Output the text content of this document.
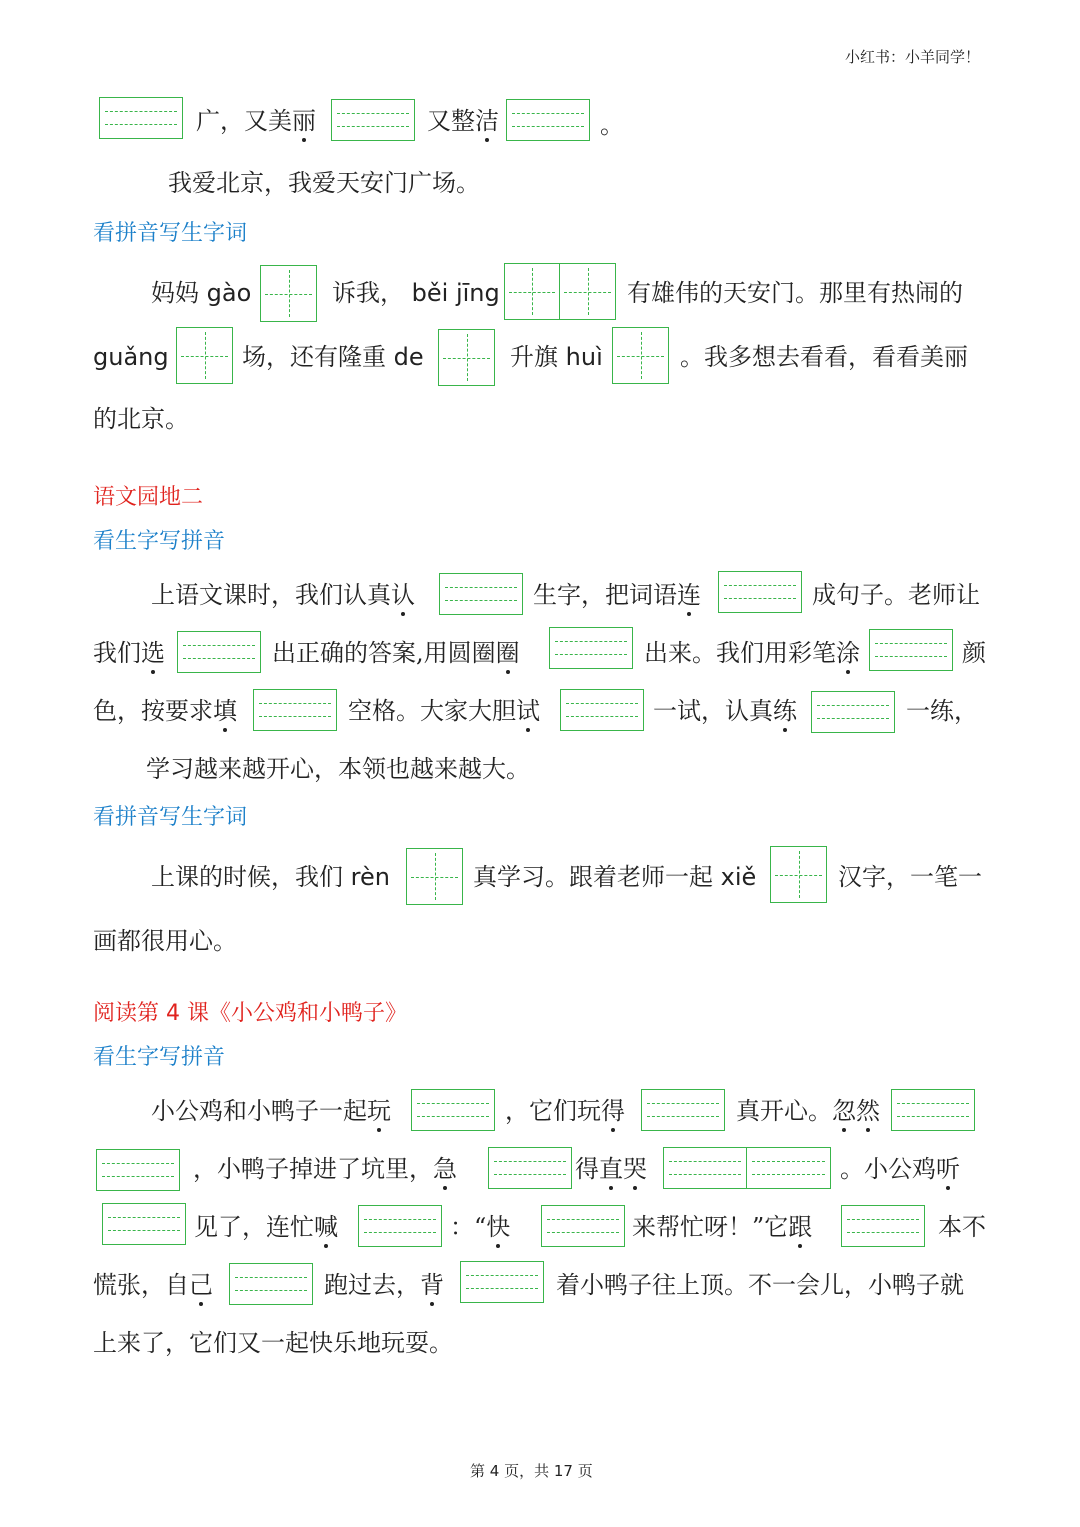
小红书：小羊同学！
广，又美丽	又整洁	。
我爱北京，我爱天安门广场。
看拼音写生字词
妈妈 gào	诉我， běi jīng	有雄伟的天安门。那里有热闹的
guǎng	场，还有隆重 de	升旗 huì	。我多想去看看，看看美丽
的北京。
语文园地二
看生字写拼音
上语文课时，我们认真认	生字，把词语连	成句子。老师让
我们选	出正确的答案,用圆圈圈	出来。我们用彩笔涂	颜
色，按要求填	空格。大家大胆试	一试，认真练	一练，
学习越来越开心，本领也越来越大。
看拼音写生字词
上课的时候，我们 rèn	真学习。跟着老师一起 xiě	汉字，一笔一
画都很用心。
阅读第 4 课《小公鸡和小鸭子》
看生字写拼音
小公鸡和小鸭子一起玩	，它们玩得	真开心。忽然
，小鸭子掉进了坑里，急	得直哭	。小公鸡听
见了，连忙喊	：“快	来帮忙呀！”它跟	本不
慌张，自己	跑过去，背	着小鸭子往上顶。不一会儿，小鸭子就
上来了，它们又一起快乐地玩耍。
第 4 页，共 17 页
